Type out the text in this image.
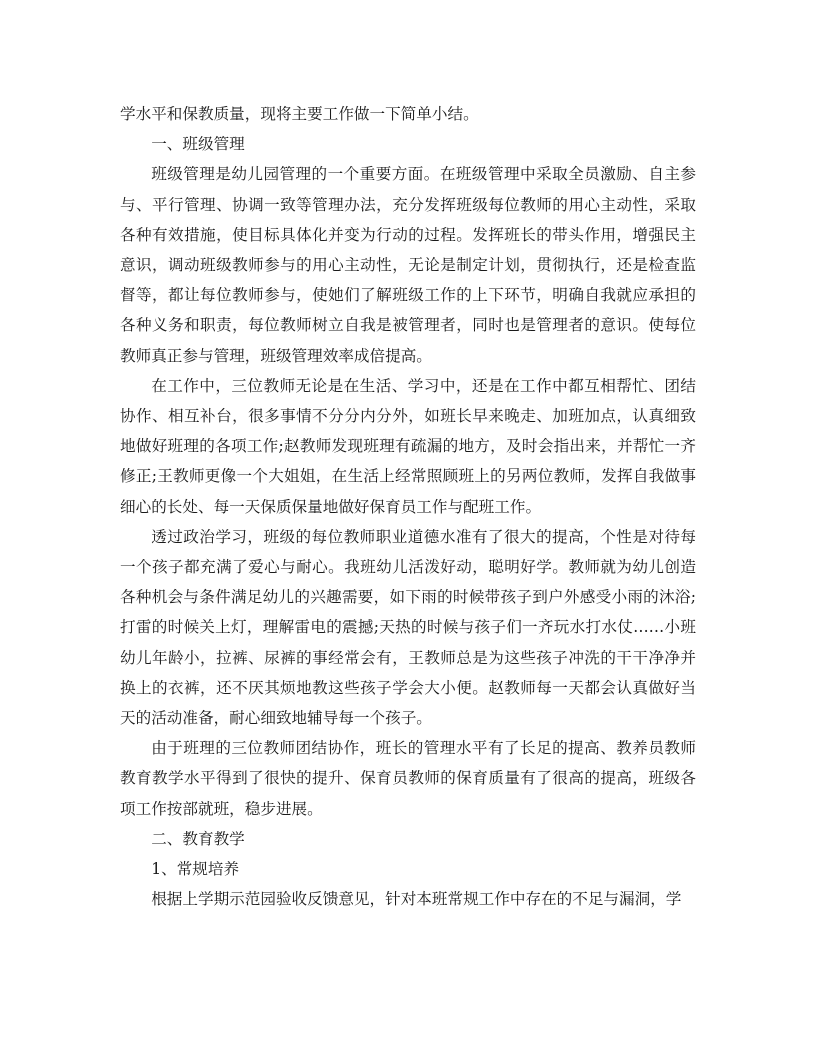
学水平和保教质量，现将主要工作做一下简单小结。

一、班级管理

班级管理是幼儿园管理的一个重要方面。在班级管理中采取全员激励、自主参与、平行管理、协调一致等管理办法，充分发挥班级每位教师的用心主动性，采取各种有效措施，使目标具体化并变为行动的过程。发挥班长的带头作用，增强民主意识，调动班级教师参与的用心主动性，无论是制定计划，贯彻执行，还是检查监督等，都让每位教师参与，使她们了解班级工作的上下环节，明确自我就应承担的各种义务和职责，每位教师树立自我是被管理者，同时也是管理者的意识。使每位教师真正参与管理，班级管理效率成倍提高。

在工作中，三位教师无论是在生活、学习中，还是在工作中都互相帮忙、团结协作、相互补台，很多事情不分分内分外，如班长早来晚走、加班加点，认真细致地做好班理的各项工作;赵教师发现班理有疏漏的地方，及时会指出来，并帮忙一齐修正;王教师更像一个大姐姐，在生活上经常照顾班上的另两位教师，发挥自我做事细心的长处、每一天保质保量地做好保育员工作与配班工作。

透过政治学习，班级的每位教师职业道德水准有了很大的提高，个性是对待每一个孩子都充满了爱心与耐心。我班幼儿活泼好动，聪明好学。教师就为幼儿创造各种机会与条件满足幼儿的兴趣需要，如下雨的时候带孩子到户外感受小雨的沐浴;打雷的时候关上灯，理解雷电的震撼;天热的时候与孩子们一齐玩水打水仗……小班幼儿年龄小，拉裤、尿裤的事经常会有，王教师总是为这些孩子冲洗的干干净净并换上的衣裤，还不厌其烦地教这些孩子学会大小便。赵教师每一天都会认真做好当天的活动准备，耐心细致地辅导每一个孩子。

由于班理的三位教师团结协作，班长的管理水平有了长足的提高、教养员教师教育教学水平得到了很快的提升、保育员教师的保育质量有了很高的提高，班级各项工作按部就班，稳步进展。

二、教育教学

1、常规培养

根据上学期示范园验收反馈意见，针对本班常规工作中存在的不足与漏洞，学
